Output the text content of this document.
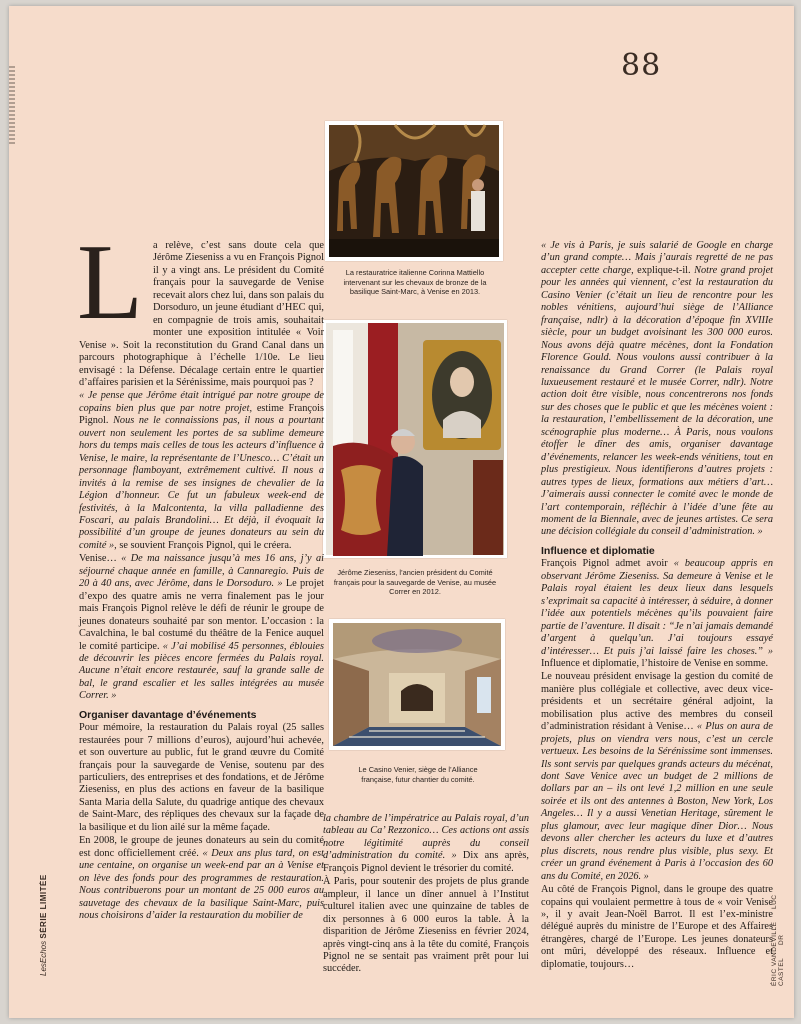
88
La restauratrice italienne Corinna Mattiello intervenant sur les chevaux de bronze de la basilique Saint-Marc, à Venise en 2013.
Jérôme Zieseniss, l’ancien président du Comité français pour la sauvegarde de Venise, au musée Correr en 2012.
Le Casino Venier, siège de l’Alliance française, futur chantier du comité.

La relève, c’est sans doute cela que Jérôme Zieseniss a vu en François Pignol il y a vingt ans. Le président du Comité français pour la sauvegarde de Venise recevait alors chez lui, dans son palais du Dorsoduro, un jeune étudiant d’HEC qui, en compagnie de trois amis, souhaitait monter une exposition intitulée « Voir Venise ». Soit la reconstitution du Grand Canal dans un parcours photographique à l’échelle 1/10e. Le lieu envisagé : la Défense. Décalage certain entre le quartier d’affaires parisien et la Sérénissime, mais pourquoi pas ?

« Je pense que Jérôme était intrigué par notre groupe de copains bien plus que par notre projet, estime François Pignol. Nous ne le connaissions pas, il nous a pourtant ouvert non seulement les portes de sa sublime demeure hors du temps mais celles de tous les acteurs d’influence à Venise, le maire, la représentante de l’Unesco… C’était un personnage flamboyant, extrêmement cultivé. Il nous a invités à la remise de ses insignes de chevalier de la Légion d’honneur. Ce fut un fabuleux week-end de festivités, à la Malcontenta, la villa palladienne des Foscari, au palais Brandolini… Et déjà, il évoquait la possibilité d’un groupe de jeunes donateurs au sein du comité », se souvient François Pignol, qui le créera.

Venise… « De ma naissance jusqu’à mes 16 ans, j’y ai séjourné chaque année en famille, à Cannaregio. Puis de 20 à 40 ans, avec Jérôme, dans le Dorsoduro. » Le projet d’expo des quatre amis ne verra finalement pas le jour mais François Pignol relève le défi de réunir le groupe de jeunes donateurs souhaité par son mentor. L’occasion : la Cavalchina, le bal costumé du théâtre de la Fenice auquel le comité participe. « J’ai mobilisé 45 personnes, éblouies de découvrir les pièces encore fermées du Palais royal. Aucune n’était encore restaurée, sauf la grande salle de bal, le grand escalier et les salles intégrées au musée Correr. »

Organiser davantage d’événements

Pour mémoire, la restauration du Palais royal (25 salles restaurées pour 7 millions d’euros), aujourd’hui achevée, et son ouverture au public, fut le grand œuvre du Comité français pour la sauvegarde de Venise, soutenu par des particuliers, des entreprises et des fondations, et de Jérôme Zieseniss, en plus des actions en faveur de la basilique Santa Maria della Salute, du quadrige antique des chevaux de Saint-Marc, des répliques des chevaux sur la façade de la basilique et du lion ailé sur la même façade.

En 2008, le groupe de jeunes donateurs au sein du comité est donc officiellement créé. « Deux ans plus tard, on est une centaine, on organise un week-end par an à Venise et on lève des fonds pour des programmes de restauration. Nous contribuerons pour un montant de 25 000 euros au sauvetage des chevaux de la basilique Saint-Marc, puis nous choisirons d’aider la restauration du mobilier de

la chambre de l’impératrice au Palais royal, d’un tableau au Ca’ Rezzonico… Ces actions ont assis notre légitimité auprès du conseil d’administration du comité. » Dix ans après, François Pignol devient le trésorier du comité.

À Paris, pour soutenir des projets de plus grande ampleur, il lance un dîner annuel à l’Institut culturel italien avec une quinzaine de tables de dix personnes à 6 000 euros la table. À la disparition de Jérôme Zieseniss en février 2024, après vingt-cinq ans à la tête du comité, François Pignol ne se sentait pas vraiment prêt pour lui succéder.

« Je vis à Paris, je suis salarié de Google en charge d’un grand compte… Mais j’aurais regretté de ne pas accepter cette charge, explique-t-il. Notre grand projet pour les années qui viennent, c’est la restauration du Casino Venier (c’était un lieu de rencontre pour les nobles vénitiens, aujourd’hui siège de l’Alliance française, ndlr) à la décoration d’époque fin XVIIIe siècle, pour un budget avoisinant les 300 000 euros. Nous avons déjà quatre mécènes, dont la Fondation Florence Gould. Nous voulons aussi contribuer à la renaissance du Grand Correr (le Palais royal luxueusement restauré et le musée Correr, ndlr). Notre action doit être visible, nous concentrerons nos fonds sur des choses que le public et que les mécènes voient : la restauration, l’embellissement de la décoration, une scénographie plus moderne… À Paris, nous voulons étoffer le dîner des amis, organiser davantage d’événements, relancer les week-ends vénitiens, tout en plus prestigieux. Nous identifierons d’autres projets : autres types de lieux, formations aux métiers d’art… J’aimerais aussi connecter le comité avec le monde de l’art contemporain, réfléchir à l’idée d’une fête au moment de la Biennale, avec de jeunes artistes. Ce sera une décision collégiale du conseil d’administration. »

Influence et diplomatie

François Pignol admet avoir « beaucoup appris en observant Jérôme Zieseniss. Sa demeure à Venise et le Palais royal étaient les deux lieux dans lesquels s’exprimait sa capacité à intéresser, à séduire, à donner l’idée aux potentiels mécènes qu’ils pouvaient faire partie de l’aventure. Il disait : “Je n’ai jamais demandé d’argent à quelqu’un. J’ai toujours essayé d’intéresser… Et puis j’ai laissé faire les choses.” » Influence et diplomatie, l’histoire de Venise en somme.

Le nouveau président envisage la gestion du comité de manière plus collégiale et collective, avec deux vice-présidents et un secrétaire général adjoint, la mobilisation plus active des membres du conseil d’administration résidant à Venise… « Plus on aura de projets, plus on viendra vers nous, c’est un cercle vertueux. Les besoins de la Sérénissime sont immenses. Ils sont servis par quelques grands acteurs du mécénat, dont Save Venice avec un budget de 2 millions de dollars par an – ils ont levé 1,2 million en une seule soirée et ils ont des antennes à Boston, New York, Los Angeles… Il y a aussi Venetian Heritage, sûrement le plus glamour, avec leur magique dîner Dior… Nous devons aller chercher les acteurs du luxe et d’autres plus discrets, nous rendre plus visible, plus sexy. Et créer un grand événement à Paris à l’occasion des 60 ans du Comité, en 2026. »

Au côté de François Pignol, dans le groupe des quatre copains qui voulaient permettre à tous de « voir Venise », il y avait Jean-Noël Barrot. Il est l’ex-ministre délégué auprès du ministre de l’Europe et des Affaires étrangères, chargé de l’Europe. Les jeunes donateurs ont mûri, développé des réseaux. Influence et diplomatie, toujours…

LesEchos SÉRIE LIMITÉE
ÉRIC VANDEVILLE LUC CASTEL DR
